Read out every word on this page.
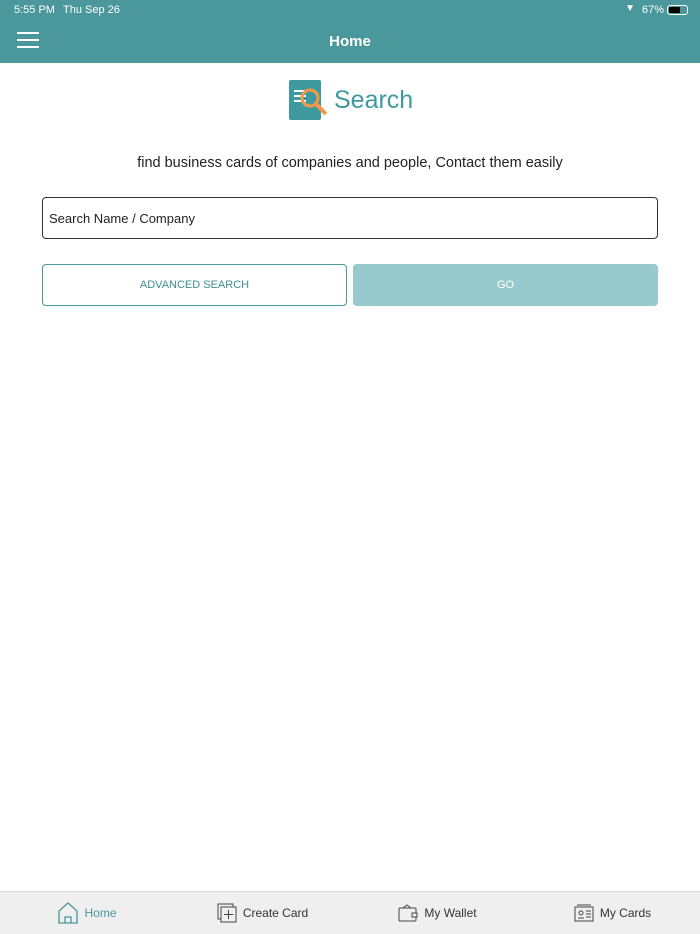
5:55 PM Thu Sep 26	67%
▼
Home
Search
find business cards of companies and people, Contact them easily
Search Name / Company
ADVANCED SEARCH	GO
Home	Create Card	My Wallet	My Cards
